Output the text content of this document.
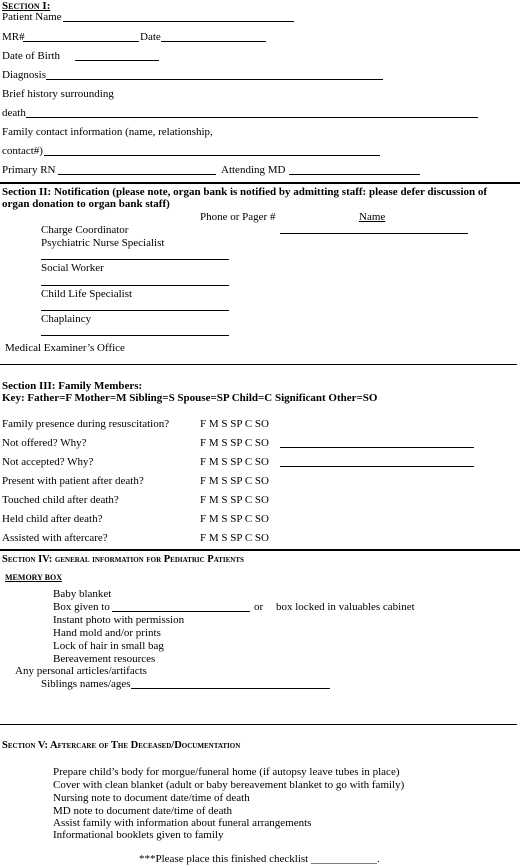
Section I:
Patient Name
MR#	Date
Date of Birth
Diagnosis
Brief history surrounding
death
Family contact information (name, relationship,
contact#)
Primary RN	Attending MD
Section II: Notification (please note, organ bank is notified by admitting staff: please defer discussion of
organ donation to organ bank staff)
Phone or Pager #	Name
Charge Coordinator
Psychiatric Nurse Specialist
Social Worker
Child Life Specialist
Chaplaincy
Medical Examiner’s Office
Section III: Family Members:
Key: Father=F Mother=M Sibling=S Spouse=SP Child=C Significant Other=SO
Family presence during resuscitation?	F M S SP C SO
Not offered? Why?	F M S SP C SO
Not accepted? Why?	F M S SP C SO
Present with patient after death?	F M S SP C SO
Touched child after death?	F M S SP C SO
Held child after death?	F M S SP C SO
Assisted with aftercare?	F M S SP C SO
Section IV: general information for Pediatric Patients
MEMORY BOX
Baby blanket
Box given to	or box locked in valuables cabinet
Instant photo with permission
Hand mold and/or prints
Lock of hair in small bag
Bereavement resources
Any personal articles/artifacts
Siblings names/ages
Section V: Aftercare of The Deceased/Documentation
Prepare child’s body for morgue/funeral home (if autopsy leave tubes in place)
Cover with clean blanket (adult or baby bereavement blanket to go with family)
Nursing note to document date/time of death
MD note to document date/time of death
Assist family with information about funeral arrangements
Informational booklets given to family
***Please place this finished checklist ____________.
